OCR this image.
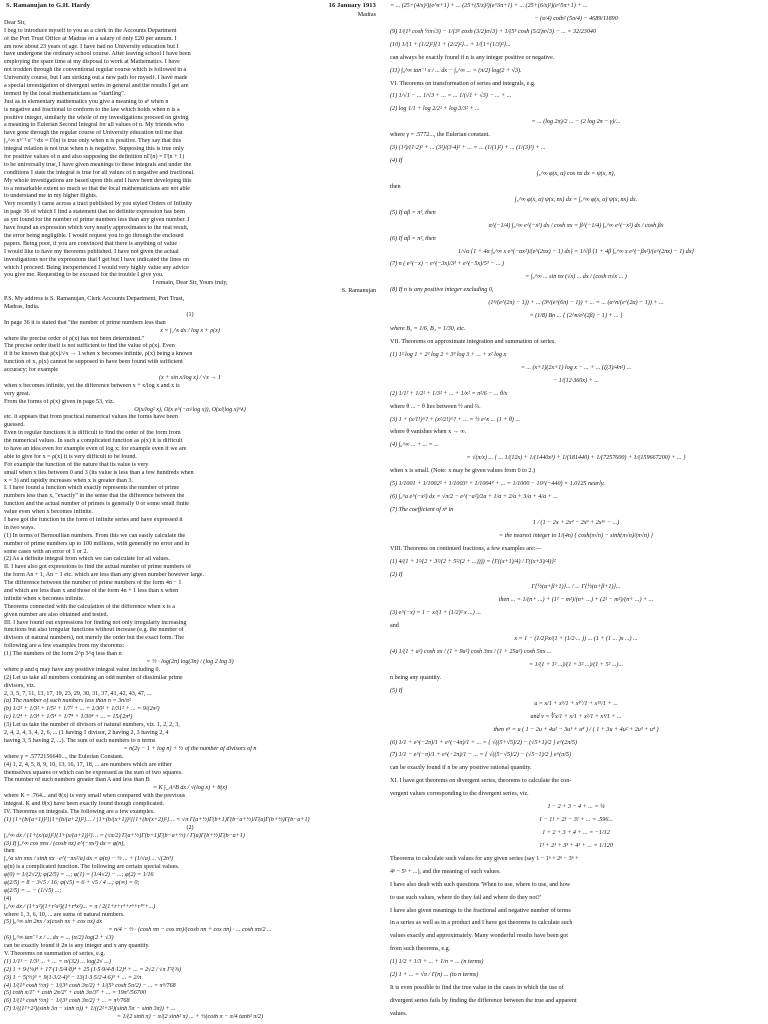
S. Ramanujan to G.H. Hardy	16 January 1913
Madras
Dear Sir,
I beg to introduce myself to you as a clerk in the Accounts Department
of the Port Trust Office at Madras on a salary of only £20 per annum. I
am now about 23 years of age. I have had no University education but I
have undergone the ordinary school course. After leaving school I have been
employing the spare time at my disposal to work at Mathematics. I have
not trodden through the conventional regular course which is followed in a
University course, but I am striking out a new path for myself. I have made
a special investigation of divergent series in general and the results I get are
termed by the local mathematicians as "startling".
Just as in elementary mathematics you give a meaning to aⁿ when n
is negative and fractional to conform to the law which holds when n is a
positive integer, similarly the whole of my investigations proceed on giving
a meaning to Eulerian Second Integral for all values of n. My friends who
have gone through the regular course of University education tell me that
∫₀^∞ xⁿ⁻¹ e⁻ˣ dx = Γ(n) is true only when n is positive. They say that this
integral relation is not true when n is negative. Supposing this is true only
for positive values of n and also supposing the definition nΓ(n) = Γ(n + 1)
to be universally true, I have given meanings to these integrals and under the
conditions I state the integral is true for all values of n negative and fractional.
My whole investigations are based upon this and I have been developing this
to a remarkable extent so much so that the local mathematicians are not able
to understand me in my higher flights.
Very recently I came across a tract published by you styled Orders of Infinity
in page 36 of which I find a statement that no definite expression has been
as yet found for the number of prime numbers less than any given number. I
have found an expression which very nearly approximates to the real result,
the error being negligible. I would request you to go through the enclosed
papers. Being poor, if you are convinced that there is anything of value
I would like to have my theorems published. I have not given the actual
investigations nor the expressions that I get but I have indicated the lines on
which I proceed. Being inexperienced I would very highly value any advice
you give me. Requesting to be excused for the trouble I give you.
I remain, Dear Sir, Yours truly,
S. Ramanujan
P.S. My address is S. Ramanujan, Clerk Accounts Department, Port Trust,
Madras, India.
(1)
In page 36 it is stated that "the number of prime numbers less than
x = ∫₂^x dx / log x + ρ(x)
where the precise order of ρ(x) has not been determined."
The precise order itself is not sufficient to find the value of ρ(x). Even
if it be known that ρ(x)/√x → 1 when x becomes infinite, ρ(x) being a known
function of x, ρ(x) cannot be supposed to have been found with sufficient
accuracy; for example
(x + sin x/log x) / √x → 1
when x becomes infinite, yet the difference between x + x/log x and x is
very great.
From the forms of ρ(x) given in page 53, viz.
O(x/log² x), O(x e^(−a√log x)), O(x/(log x)^λ)
etc. it appears that from practical numerical values the forms have been
guessed.
Even in regular functions it is difficult to find the order of the form from
the numerical values. In such a complicated function as ρ(x) it is difficult
to have an idea even for example even of log x; for example even if we are
able to give for x = ρ(x) it is very difficult to be found.
For example the function of the nature that its value is very
small when x lies between 0 and 3 (its value is less than a few hundreds when
x = 3) and rapidly increases when x is greater than 3.
I. I have found a function which exactly represents the number of prime
numbers less than x, "exactly" in the sense that the difference between the
function and the actual number of primes is generally 0 or some small finite
value even when x becomes infinite.
I have got the function in the form of infinite series and have expressed it
in two ways.
(1) In terms of Bernoullian numbers. From this we can easily calculate the
number of prime numbers up to 100 millions, with generally no error and in
some cases with an error of 1 or 2.
(2) As a definite integral from which we can calculate for all values.
II. I have also got expressions to find the actual number of prime numbers of
the form An + 1, An − 1 etc. which are less than any given number however large.
The difference between the number of prime numbers of the form 4n − 1
and which are less than x and those of the form 4n + 1 less than x when
infinite when x becomes infinite.
Theorems connected with the calculation of the difference when x is a
given number are also obtained and tested.
III. I have found out expressions for finding not only irregularly increasing
functions but also irregular functions without increase (e.g. the number of
divisors of natural numbers), not merely the order but the exact form. The
following are a few examples from my theorems:
(1) The numbers of the form 2^p 3^q less than n
= ½ · log(2n) log(3n) / (log 2 log 3)
where p and q may have any positive integral value including 0.
(2) Let us take all numbers containing an odd number of dissimilar prime
divisors, viz.
2, 3, 5, 7, 11, 13, 17, 19, 23, 29, 30, 31, 37, 41, 42, 43, 47, ...
(a) The number of such numbers less than n = 3n/π²
(b) 1/2² + 1/3² + 1/5² + 1/7² + ... + 1/30² + 1/31² + ... = 9/(2π²)
(c) 1/2⁴ + 1/3⁴ + 1/5⁴ + 1/7⁴ + 1/30⁴ + ... = 15/(2π⁴)
(3) Let us take the number of divisors of natural numbers, viz. 1, 2, 2, 3,
2, 4, 2, 4, 3, 4, 2, 6, ... (1 having 1 divisor, 2 having 2, 3 having 2, 4
having 3, 5 having 2, ...). The sum of such numbers to n terms
= n(2γ − 1 + log n) + ½ of the number of divisors of n
where γ = .5772156649..., the Eulerian Constant.
(4) 1, 2, 4, 5, 8, 9, 10, 13, 16, 17, 18, ... are numbers which are either
themselves squares or which can be expressed as the sum of two squares.
The number of such numbers greater than A and less than B
= K ∫_A^B dx / √(log x) + θ(x)
where K = .764... and θ(x) is very small when compared with the previous
integral. K and θ(x) have been exactly found though complicated.
IV. Theorems on integrals. The following are a few examples.
(1) [1+(b/(a+1))²][1+(b/(a+2))²]… / [1+(b/(x+1))²][1+(b/(x+2))²]… = √π Γ(a+½)Γ(b+1)Γ(b−a+½)/Γ(a)Γ(b+½)Γ(b−a+1)
(2)
∫₀^∞ dx / {1+(x/(a))²}{1+(x/(a+1))²}… = (√π/2) Γ(a+½)Γ(b+1)Γ(b−a+½) / Γ(a)Γ(b+½)Γ(b−a+1)
(3) If ∫₀^∞ cos πnx / (cosh πx) e^(−πx²) dx = φ(n),
then
∫₀^a sin πnx / sinh πx · e^(−πx²/a) dx = φ(n) − ½ ... + (1/√a) ... √(2n³)
φ(n) is a complicated function. The following are certain special values.
φ(0) = 1/(2√2); φ(2/5) = ...; φ(1) = (1/4√2) − ...; φ(2) = 1/16
φ(2/5) = 8 − 3√5 / 16; φ(√5) = 6 + √5 / 4 ...; φ(∞) = 0;
φ(2/5) = ... − (1/√5) ...;
(4)
∫₀^∞ dx / (1+x²)(1+r²x²)(1+r⁴x²)... = π / 2(1+r+r³+r⁶+r¹⁰+...)
where 1, 3, 6, 10, ... are sums of natural numbers.
(5) ∫₀^∞ sin 2nx / x(cosh πx + cos πx) dx
= n/4 − ½ · (cosh πn − cos πn)/(cosh πn + cos πn) · ... cosh πn/2 ...
(6) ∫₀^∞ tan⁻¹ x / ... dx = ... (π/2) log(2 + √3)
can be exactly found if 2n is any integer and x any quantity.
V. Theorems on summation of series, e.g.
(1) 1/1³ − 1/3³ ... + ... = π/(32) ... log(2√ ...)
(2) 1 + 9·(¼)⁴ + 17·(1·5/4·8)⁴ + 25·(1·5·9/4·8·12)⁴ + ... = 2√2 / √π Γ²(¾)
(3) 1 − 5(½)³ + 9(1·3/2·4)³ − 13(1·3·5/2·4·6)³ + ... = 2/π
(4) 1/(1⁵ cosh ½π) − 1/(3⁵ cosh 3π/2) + 1/(5⁵ cosh 5π/2) − ... = π⁵/768
(5) coth π/1⁷ + coth 2π/2⁷ + coth 3π/3⁷ + ... = 19π⁷/56700
(6) 1/(1⁵ cosh ½π) − 1/(3⁵ cosh 3π/2) + ... = π⁵/768
(7) 1/((1²+2²)(sinh 3π − sinh π)) + 1/((2²+3²)(sinh 5π − sinh 3π)) + ...
= 1/(2 sinh π) − π/(2 sinh² π) ... + ½(coth π − π/4 tanh² π/2)
= ... (25+(4/x)²)(e^π+1) + ... (25+(5/x)²)(e^3π+1) + ... (25+(6/x)²)(e^5π+1) + ...
− (π/4) coth² (5π/4) − 4689/11890
(9) 1/(1⁵ cosh ½π√3) − 1/(3⁵ cosh (3/2)π√3) + 1/(5⁵ cosh (5/2)π√3) − ... = 32/23040
(10) 1/{1 + (1/2)²}{1 + (2/2)²}... + 1/{1+(1/3)²}...
can always be exactly found if n is any integer positive or negative.
(11) ∫₀^∞ tan⁻¹ x / ... dx − ∫₀^∞ ... = (π/2) log(2 + √3).
VI. Theorems on transformation of series and integrals, e.g.
(1) 1/√1 − ... 1/√3 + ... = ... 1/(√1 + √3) − ... + ...
(2) log 1/1 + log 2/2² + log 3/3² + ...
= ... (log 2π)/2 ... − (2 log 2π − γ)/...
where γ = .5772..., the Eulerian constant.
(3) (1²)/(1·2)² + ... (3²)/(3·4)² + ... = ... (1/(1)²) + ... (1/(3)²) + ...
(4) If
∫₀^∞ φ(x, α) cos nx dx = ψ(x, n),
then
∫₀^∞ φ(x, α) ψ(x, nx) dx = ∫₀^∞ φ(x, α) ψ(x, nx) dx.
(5) If αβ = π², then
α^(−1/4) ∫₀^∞ e^(−x²) dx / cosh πx = β^(−1/4) ∫₀^∞ e^(−x²) dx / cosh βx
(6) If αβ = π², then
1/√α {1 + 4α ∫₀^∞ x e^(−αx²)/(e^(2πx) − 1) dx} = 1/√β {1 + 4β ∫₀^∞ x e^(−βx²)/(e^(2πx) − 1) dx}
(7) n ( e^(−x) − e^(−3x)/3³ + e^(−5x)/5³ − ... )
= ∫₀^∞ ... sin nx (√x) ... dx / (cosh π√x ... )
(8) If n is any positive integer excluding 0,
(1ⁿ/(e^(2π) − 1)) + ... (3ⁿ/(e^(6π) − 1)) + ... = ... (α^n/(e^(2α) − 1)) + ...
= (1/8) Bn ... { (2^n/e^(2β) − 1) + ... }
where B₂ = 1/6, B₄ = 1/30, etc.
VII. Theorems on approximate integration and summation of series.
(1) 1² log 1 + 2² log 2 + 3³ log 3 + ... + x² log x
= ... (x+1)(2x+1) log x − ... + ... (ζ(3)/4π²) ...
− 1/(12·360x) + ...
(2) 1/1² + 1/2² + 1/3² + ... + 1/x² = π²/6 − ... θ/x
where θ ... − θ lies between ½ and ⅔.
(3) 1 + (x/1!)^? + (x²/2!)^? + ... = ½ e^x ... (1 + θ) ...
where θ vanishes when x → ∞.
(4) ∫₀^∞ ... + ... = ...
= √(π/x) ... { ... 1/(12x) + 1/(1440x³) + 1/(181440) + 1/(7257600) + 1/(159667200) + ... }
when x is small. (Note: x may be given values from 0 to 2.)
(5) 1/1001 + 1/1002² + 1/1003³ + 1/1004⁴ + ... = 1/1000 − 10^(−440) × 1.0125 nearly.
(6) ∫₀^a e^(−x²) dx = √π/2 − e^(−a²)/2a + 1/a + 2/a + 3/a + 4/a + ...
(7) The coefficient of xⁿ in
1 / (1 − 2x + 2x⁴ − 2x⁹ + 2x¹⁶ − ...)
= the nearest integer to 1/(4n) { cosh(π√n) − sinh(π√n)/(π√n) }
VIII. Theorems on continued fractions, a few examples are:—
(1) 4/(1 + 1²/(2 + 3²/(2 + 5²/(2 + ...)))) = {Γ((x+1)/4) / Γ((x+3)/4)}²
(2) If
Γ{½(α+β+1)}... / ... Γ{½(α+β+1)}...
then ... = 1/(n+ ...) + (1² − m²)/(n+ ...) + (2² − m²)/(n+ ...) + ...
(3) e^(−x) = 1 − x/(1 + (1/2)² x ...) ...
and
x = 1 − (1/2)²x/(1 + (1/2·... )) ... (1 + (1 ... )x ...) ...
(4) 1/(1 + a²) cosh πx / (1 + 9a²) cosh 3πx / (1 + 25a²) cosh 5πx ...
= 1/(1 + 1² ...)/(1 + 3² ...)/(1 + 5² ...)...
n being any quantity.
(5) If
u = x/1 + x⁵/1 + x¹⁰/1 + x¹⁵/1 + ...
and v = ∜x/1 + x/1 + x²/1 + x³/1 + ...
then v⁵ = u ( 1 − 2u + 4u² − 3u³ + u⁴ ) / ( 1 + 3u + 4u² + 2u³ + u⁴ )
(6) 1/1 + e^(−2π)/1 + e^(−4π)/1 + ... = { √((5+√5)/2) − (√5+1)/2 } e^(2π/5)
(7) 1/1 − e^(−π)/1 + e^(−2π)/1 − ... = { √((5−√5)/2) − (√5−1)/2 } e^(π/5)
can be exactly found if n be any positive rational quantity.
XI. I have got theorems on divergent series, theorems to calculate the con-
vergent values corresponding to the divergent series, viz.
1 − 2 + 3 − 4 + ... = ¼
1 − 1! + 2! − 3! + ... = .596...
1 + 2 + 3 + 4 + ... = −1/12
1³ + 2³ + 3³ + 4³ + ... = 1/120
Theorems to calculate such values for any given series (say 1 − 1ⁿ + 2ⁿ − 3ⁿ +
4ⁿ − 5ⁿ + ...), and the meaning of such values.
I have also dealt with such questions 'When to use, where to use, and how
to use such values, where do they fail and where do they not?'
I have also given meanings to the fractional and negative number of terms
in a series as well as in a product and I have got theorems to calculate such
values exactly and approximately. Many wonderful results have been got
from such theorems, e.g.
(1) 1/2 + 1/3 + ... + 1/n = ... (n terms)
(2) 1 + ... = √π / Γ(n) ... (to n terms)
It is even possible to find the true value in the cases in which the use of
divergent series fails by finding the difference between the true and apparent
values.
